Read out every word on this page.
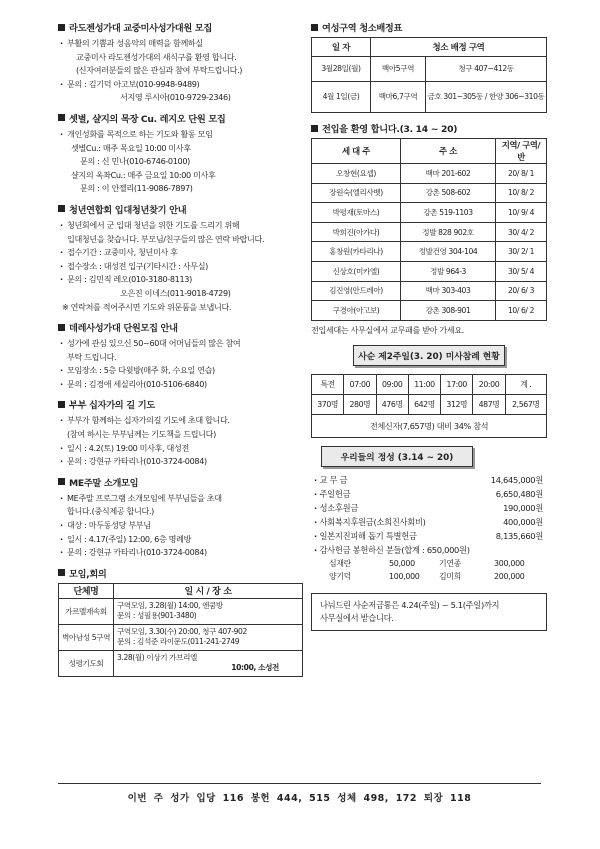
라도젠성가대 교중미사성가대원 모집
· 부활의 기쁨과 성음악의 매력을 함께하실
교중미사 라도젠성가대의 새식구를 환영 합니다.
(신자여러분들의 많은 관심과 참여 부탁드립니다.)
· 문의 : 김기덕 아고보(010-9948-9489)
서지영 루시아(010-9729-2346)
셋별, 샬지의 목장 Cu. 레지오 단원 모집
· 개인성화를 목적으로 하는 기도와 활동 모임
셋별Cu.: 매주 목요일 10:00 미사후
문의 : 신 민나(010-6746-0100)
샬지의 옥좌Cu.: 매주 금요일 10:00 미사후
문의 : 이 안젤리(11-9086-7897)
청년연합회 입대청년찾기 안내
· 청년회에서 군 입대 청년을 위한 기도를 드리기 위해
입대청년을 찾습니다. 부모님/친구들의 많은 연락 바랍니다.
· 접수기간 : 교중미사, 청년미사 후
· 접수장소 : 대성전 입구(기타시간 : 사무실)
· 문의 : 김민직 레오(010-3180-8113)
오은진 이네스(011-9018-4729)
※ 연락처를 적어주시면 기도와 위문품을 보냅니다.
데레사성가대 단원모집 안내
· 성가에 관심 있으신 50~60대 어머님들의 많은 참여
부탁 드립니다.
· 모임장소 : 5층 다윗방(매주 화, 수요일 연습)
· 문의 : 김경애 세실리아(010-5106-6840)
부부 십자가의 길 기도
· 부부가 함께하는 십자가의길 기도에 초대 합니다.
(참여 하시는 부부님께는 기도책을 드립니다)
· 일시 : 4.2(토) 19:00 미사후, 대성전
· 문의 : 강현규 카타리나(010-3724-0084)
ME주말 소개모임
· ME주말 프로그램 소개모임에 부부님들을 초대
합니다.(중식제공 합니다.)
· 대상 : 마두동성당 부부님
· 일시 : 4.17(주일) 12:00, 6층 명례방
· 문의 : 강현규 카타리나(010-3724-0084)
모임,회의
단체명	일 시 / 장 소
가르멜재속회	구역모임, 3.28(월) 14:00, 엔쿰방
문의 : 성필용(901-3480)

벽아남성 5구역	구역모임, 3.30(수) 20:00, 청구 407-902
문의 : 김석준 라이문도(011-241-2749

성령기도회	3.28(월) 이상기 가브리엘
10:00, 소성전
여성구역 청소배정표
일 자	청소 배정 구역	
3월28일(월)	백아5구역	청구 407~412동
4월 1일(금)	백마6,7구역	금호 301~305동 / 한양 306~310동
전입을 환영 합니다.(3. 14 ~ 20)
세 대 주	주 소	지역/ 구역/ 반
오창현(요셉)	백마 201-602	20/ 8/ 1
장원숙(엘리사벳)	강촌 508-602	10/ 8/ 2
박평재(토마스)	강촌 519-1103	10/ 9/ 4
박희진(아가다)	정발 828 902호	30/ 4/ 2
홍창원(카타리나)	정발건영 304-104	30/ 2/ 1
신상호(미카엘)	정발 964-3	30/ 5/ 4
김진영(안드레아)	백마 303-403	20/ 6/ 3
구경아(아고보)	강촌 308-901	10/ 6/ 2
전입세대는 사무실에서 교무패를 받아 가세요.
사순 제2주일(3. 20) 미사참례 현황
특전	07:00	09:00	11:00	17:00	20:00	계 .
370명	280명	476명	642명	312명	487명	2,567명
전체신자(7,657명) 대비 34% 참석						
우리들의 정성 (3.14 ~ 20)
· 교 무 금	14,645,000원
· 주일헌금	6,650,480원
· 성소후원금	190,000원
· 사회복지후원금(소희진사회비)	400,000원
· 일본지진피해 돕기 특별헌금	8,135,660원
· 감사헌금 봉헌하신 분들(합계 : 650,000원)
심재란	50,000	기연종	300,000
양기덕	100,000	김미희	200,000
나눠드린 사순저금통은 4.24(주일) ~ 5.1(주일)까지
사무실에서 받습니다.
이번 주 성가 입당 116 봉헌 444, 515 성체 498, 172 퇴장 118
